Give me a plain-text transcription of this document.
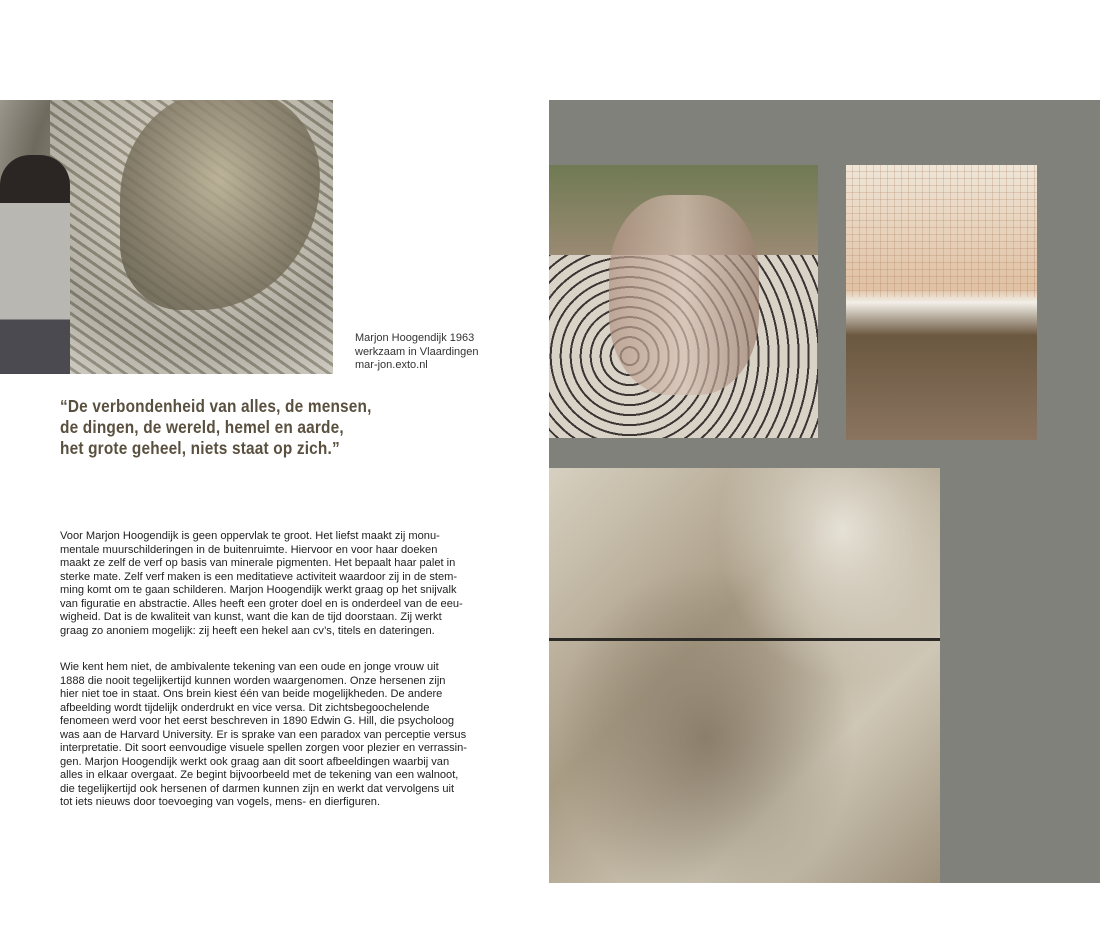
Marjon Hoogendijk 1963
werkzaam in Vlaardingen
mar-jon.exto.nl
“De verbondenheid van alles, de mensen,
de dingen, de wereld, hemel en aarde,
het grote geheel, niets staat op zich.”
Voor Marjon Hoogendijk is geen oppervlak te groot. Het liefst maakt zij monu-
mentale muurschilderingen in de buitenruimte. Hiervoor en voor haar doeken
maakt ze zelf de verf op basis van minerale pigmenten. Het bepaalt haar palet in
sterke mate. Zelf verf maken is een meditatieve activiteit waardoor zij in de stem-
ming komt om te gaan schilderen. Marjon Hoogendijk werkt graag op het snijvalk
van figuratie en abstractie. Alles heeft een groter doel en is onderdeel van de eeu-
wigheid. Dat is de kwaliteit van kunst, want die kan de tijd doorstaan. Zij werkt
graag zo anoniem mogelijk: zij heeft een hekel aan cv’s, titels en dateringen.
Wie kent hem niet, de ambivalente tekening van een oude en jonge vrouw uit
1888 die nooit tegelijkertijd kunnen worden waargenomen. Onze hersenen zijn
hier niet toe in staat. Ons brein kiest één van beide mogelijkheden. De andere
afbeelding wordt tijdelijk onderdrukt en vice versa. Dit zichtsbegoochelende
fenomeen werd voor het eerst beschreven in 1890 Edwin G. Hill, die psycholoog
was aan de Harvard University. Er is sprake van een paradox van perceptie versus
interpretatie. Dit soort eenvoudige visuele spellen zorgen voor plezier en verrassin-
gen. Marjon Hoogendijk werkt ook graag aan dit soort afbeeldingen waarbij van
alles in elkaar overgaat. Ze begint bijvoorbeeld met de tekening van een walnoot,
die tegelijkertijd ook hersenen of darmen kunnen zijn en werkt dat vervolgens uit
tot iets nieuws door toevoeging van vogels, mens- en dierfiguren.
